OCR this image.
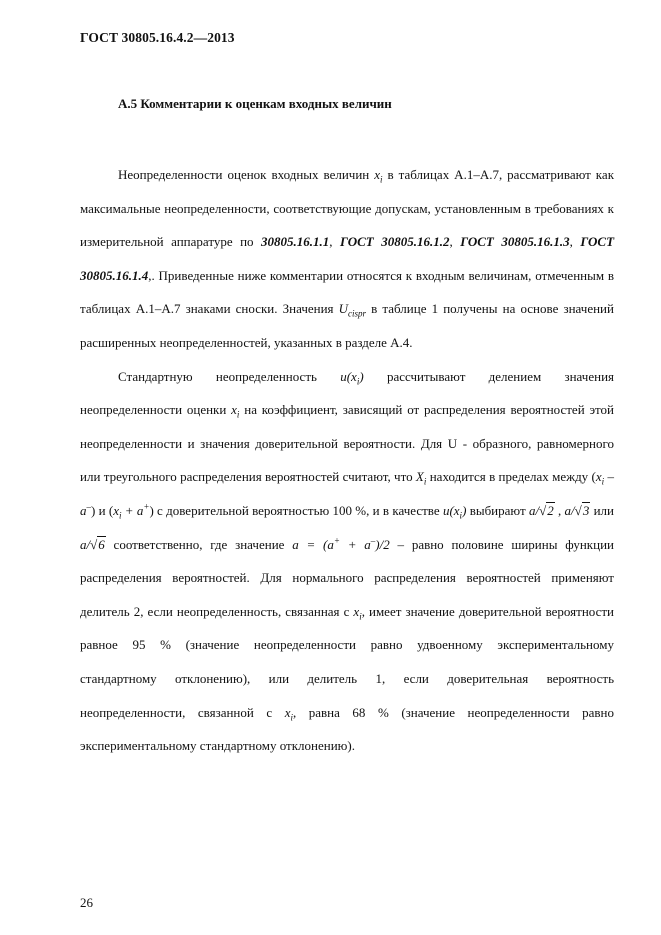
ГОСТ 30805.16.4.2—2013
А.5 Комментарии к оценкам входных величин

Неопределенности оценок входных величин $x_i$ в таблицах А.1–А.7, рассматривают как максимальные неопределенности, соответствующие допускам, установленным в требованиях к измерительной аппаратуре по 30805.16.1.1, ГОСТ 30805.16.1.2, ГОСТ 30805.16.1.3, ГОСТ 30805.16.1.4,. Приведенные ниже комментарии относятся к входным величинам, отмеченным в таблицах А.1–А.7 знаками сноски. Значения $U_{cispr}$ в таблице 1 получены на основе значений расширенных неопределенностей, указанных в разделе А.4.

Стандартную неопределенность $u(x_i)$ рассчитывают делением значения неопределенности оценки $x_i$ на коэффициент, зависящий от распределения вероятностей этой неопределенности и значения доверительной вероятности. Для U - образного, равномерного или треугольного распределения вероятностей считают, что $X_i$ находится в пределах между $(x_i - a^-)$ и $(x_i + a^+)$ с доверительной вероятностью 100 %, и в качестве $u(x_i)$ выбирают a/√2 , a/√3 или a/√6 соответственно, где значение a = (a+ + a–)/2 – равно половине ширины функции распределения вероятностей. Для нормального распределения вероятностей применяют делитель 2, если неопределенность, связанная с $x_i$, имеет значение доверительной вероятности равное 95 % (значение неопределенности равно удвоенному экспериментальному стандартному отклонению), или делитель 1, если доверительная вероятность неопределенности, связанной с $x_i$, равна 68 % (значение неопределенности равно экспериментальному стандартному отклонению).

26
